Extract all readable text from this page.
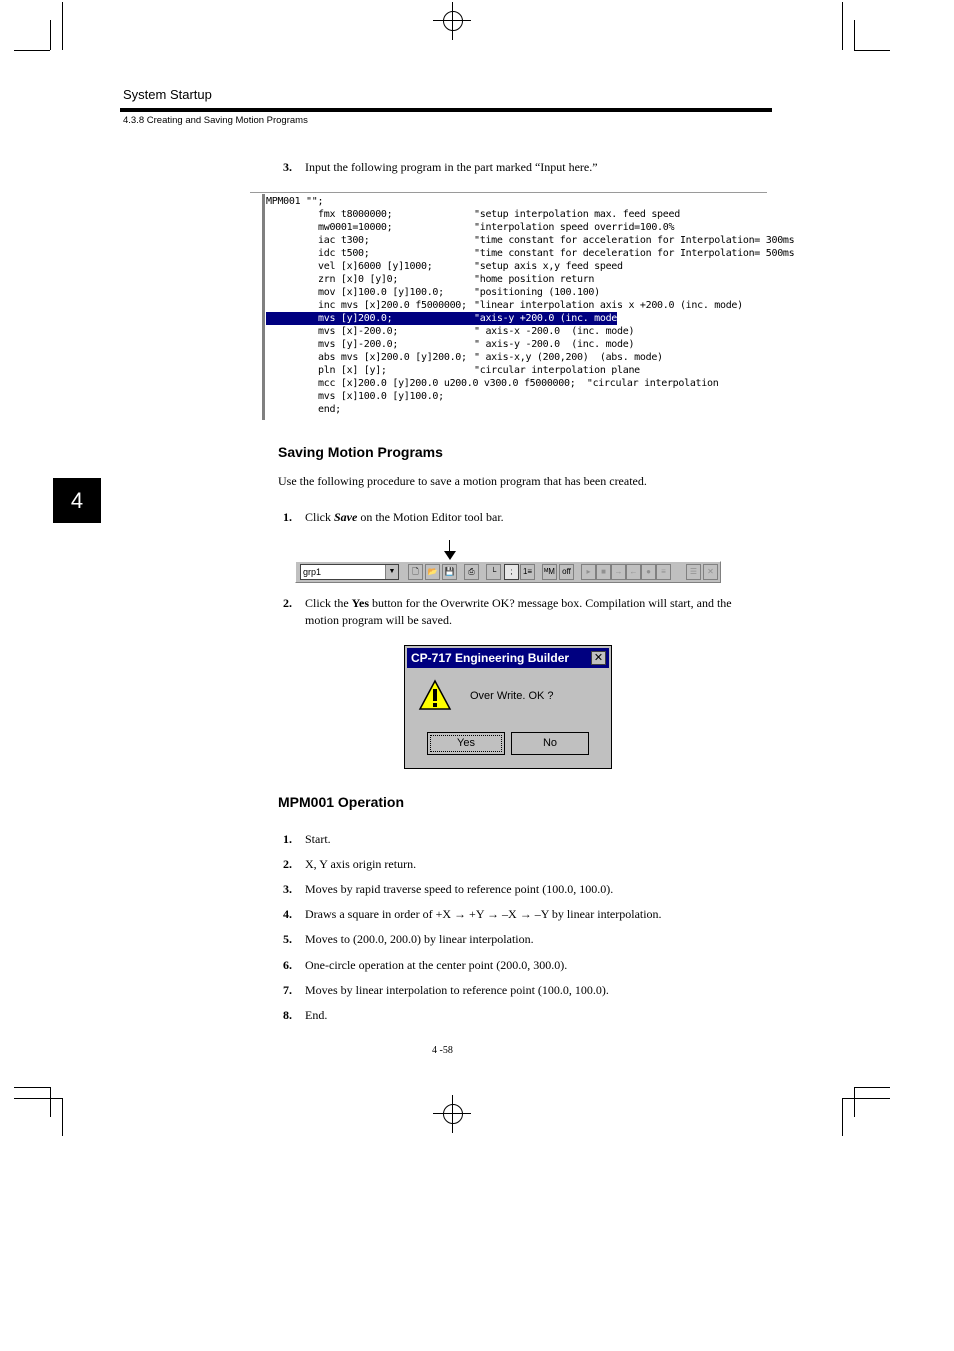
System Startup
4.3.8 Creating and Saving Motion Programs
4
3. Input the following program in the part marked “Input here.”
MPM001 "";
fmx t8000000;	"setup interpolation max. feed speed
mw0001=10000;	"interpolation speed overrid=100.0%
iac t300;	"time constant for acceleration for Interpolation= 300ms
idc t500;	"time constant for deceleration for Interpolation= 500ms
vel [x]6000 [y]1000;	"setup axis x,y feed speed
zrn [x]0 [y]0;	"home position return
mov [x]100.0 [y]100.0;	"positioning (100.100)
inc mvs [x]200.0 f5000000; "linear interpolation axis x +200.0 (inc. mode)
mvs [y]200.0;	"axis-y +200.0 (inc. mode)
mvs [x]-200.0;	" axis-x -200.0  (inc. mode)
mvs [y]-200.0;	" axis-y -200.0  (inc. mode)
abs mvs [x]200.0 [y]200.0; " axis-x,y (200,200)  (abs. mode)
pln [x] [y];	"circular interpolation plane
mcc [x]200.0 [y]200.0 u200.0 v300.0 f5000000;  "circular interpolation
mvs [x]100.0 [y]100.0;
end;
Saving Motion Programs
Use the following procedure to save a motion program that has been created.
1. Click Save on the Motion Editor tool bar.
grp1	▼	🗋	📂 💾	⎙	└	;	1≡	ᴹM off	▸	■	→ ←	●	≡	☰	✕
2. Click the Yes button for the Overwrite OK? message box. Compilation will start, and the
motion program will be saved.
CP-717 Engineering Builder ✕
Over Write. OK ?
Yes	No
MPM001 Operation
1. Start.
2. X, Y axis origin return.
3. Moves by rapid traverse speed to reference point (100.0, 100.0).
4. Draws a square in order of +X → +Y → –X → –Y by linear interpolation.
5. Moves to (200.0, 200.0) by linear interpolation.
6. One-circle operation at the center point (200.0, 300.0).
7. Moves by linear interpolation to reference point (100.0, 100.0).
8. End.
4 -58
